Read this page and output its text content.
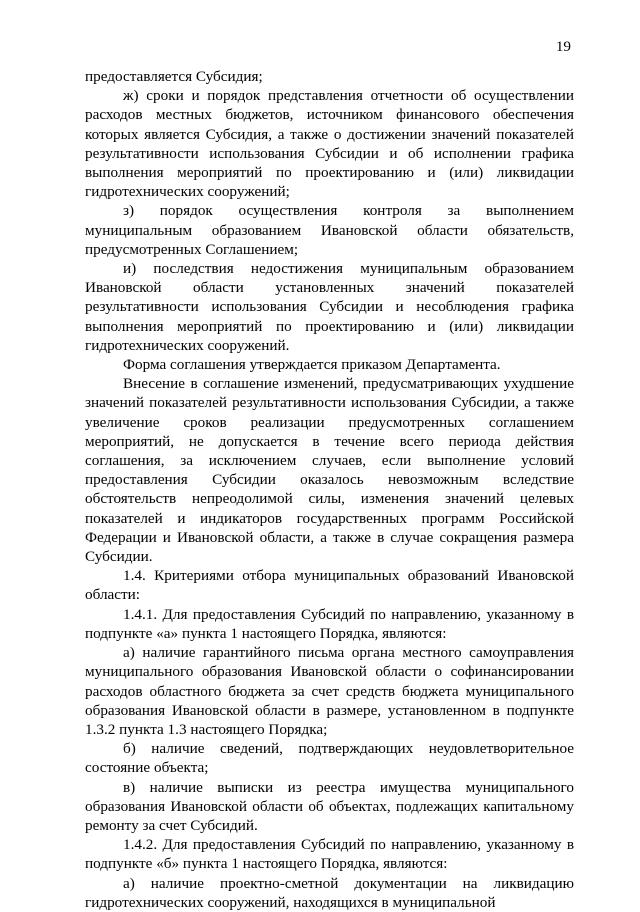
19

предоставляется Субсидия;

ж) сроки и порядок представления отчетности об осуществлении расходов местных бюджетов, источником финансового обеспечения которых является Субсидия, а также о достижении значений показателей результативности использования Субсидии и об исполнении графика выполнения мероприятий по проектированию и (или) ликвидации гидротехнических сооружений;

з) порядок осуществления контроля за выполнением муниципальным образованием Ивановской области обязательств, предусмотренных Соглашением;

и) последствия недостижения муниципальным образованием Ивановской области установленных значений показателей результативности использования Субсидии и несоблюдения графика выполнения мероприятий по проектированию и (или) ликвидации гидротехнических сооружений.

Форма соглашения утверждается приказом Департамента.

Внесение в соглашение изменений, предусматривающих ухудшение значений показателей результативности использования Субсидии, а также увеличение сроков реализации предусмотренных соглашением мероприятий, не допускается в течение всего периода действия соглашения, за исключением случаев, если выполнение условий предоставления Субсидии оказалось невозможным вследствие обстоятельств непреодолимой силы, изменения значений целевых показателей и индикаторов государственных программ Российской Федерации и Ивановской области, а также в случае сокращения размера Субсидии.

1.4. Критериями отбора муниципальных образований Ивановской области:

1.4.1. Для предоставления Субсидий по направлению, указанному в подпункте «а» пункта 1 настоящего Порядка, являются:

а) наличие гарантийного письма органа местного самоуправления муниципального образования Ивановской области о софинансировании расходов областного бюджета за счет средств бюджета муниципального образования Ивановской области в размере, установленном в подпункте 1.3.2 пункта 1.3 настоящего Порядка;

б) наличие сведений, подтверждающих неудовлетворительное состояние объекта;

в) наличие выписки из реестра имущества муниципального образования Ивановской области об объектах, подлежащих капитальному ремонту за счет Субсидий.

1.4.2. Для предоставления Субсидий по направлению, указанному в подпункте «б» пункта 1 настоящего Порядка, являются:

а) наличие проектно-сметной документации на ликвидацию гидротехнических сооружений, находящихся в муниципальной
